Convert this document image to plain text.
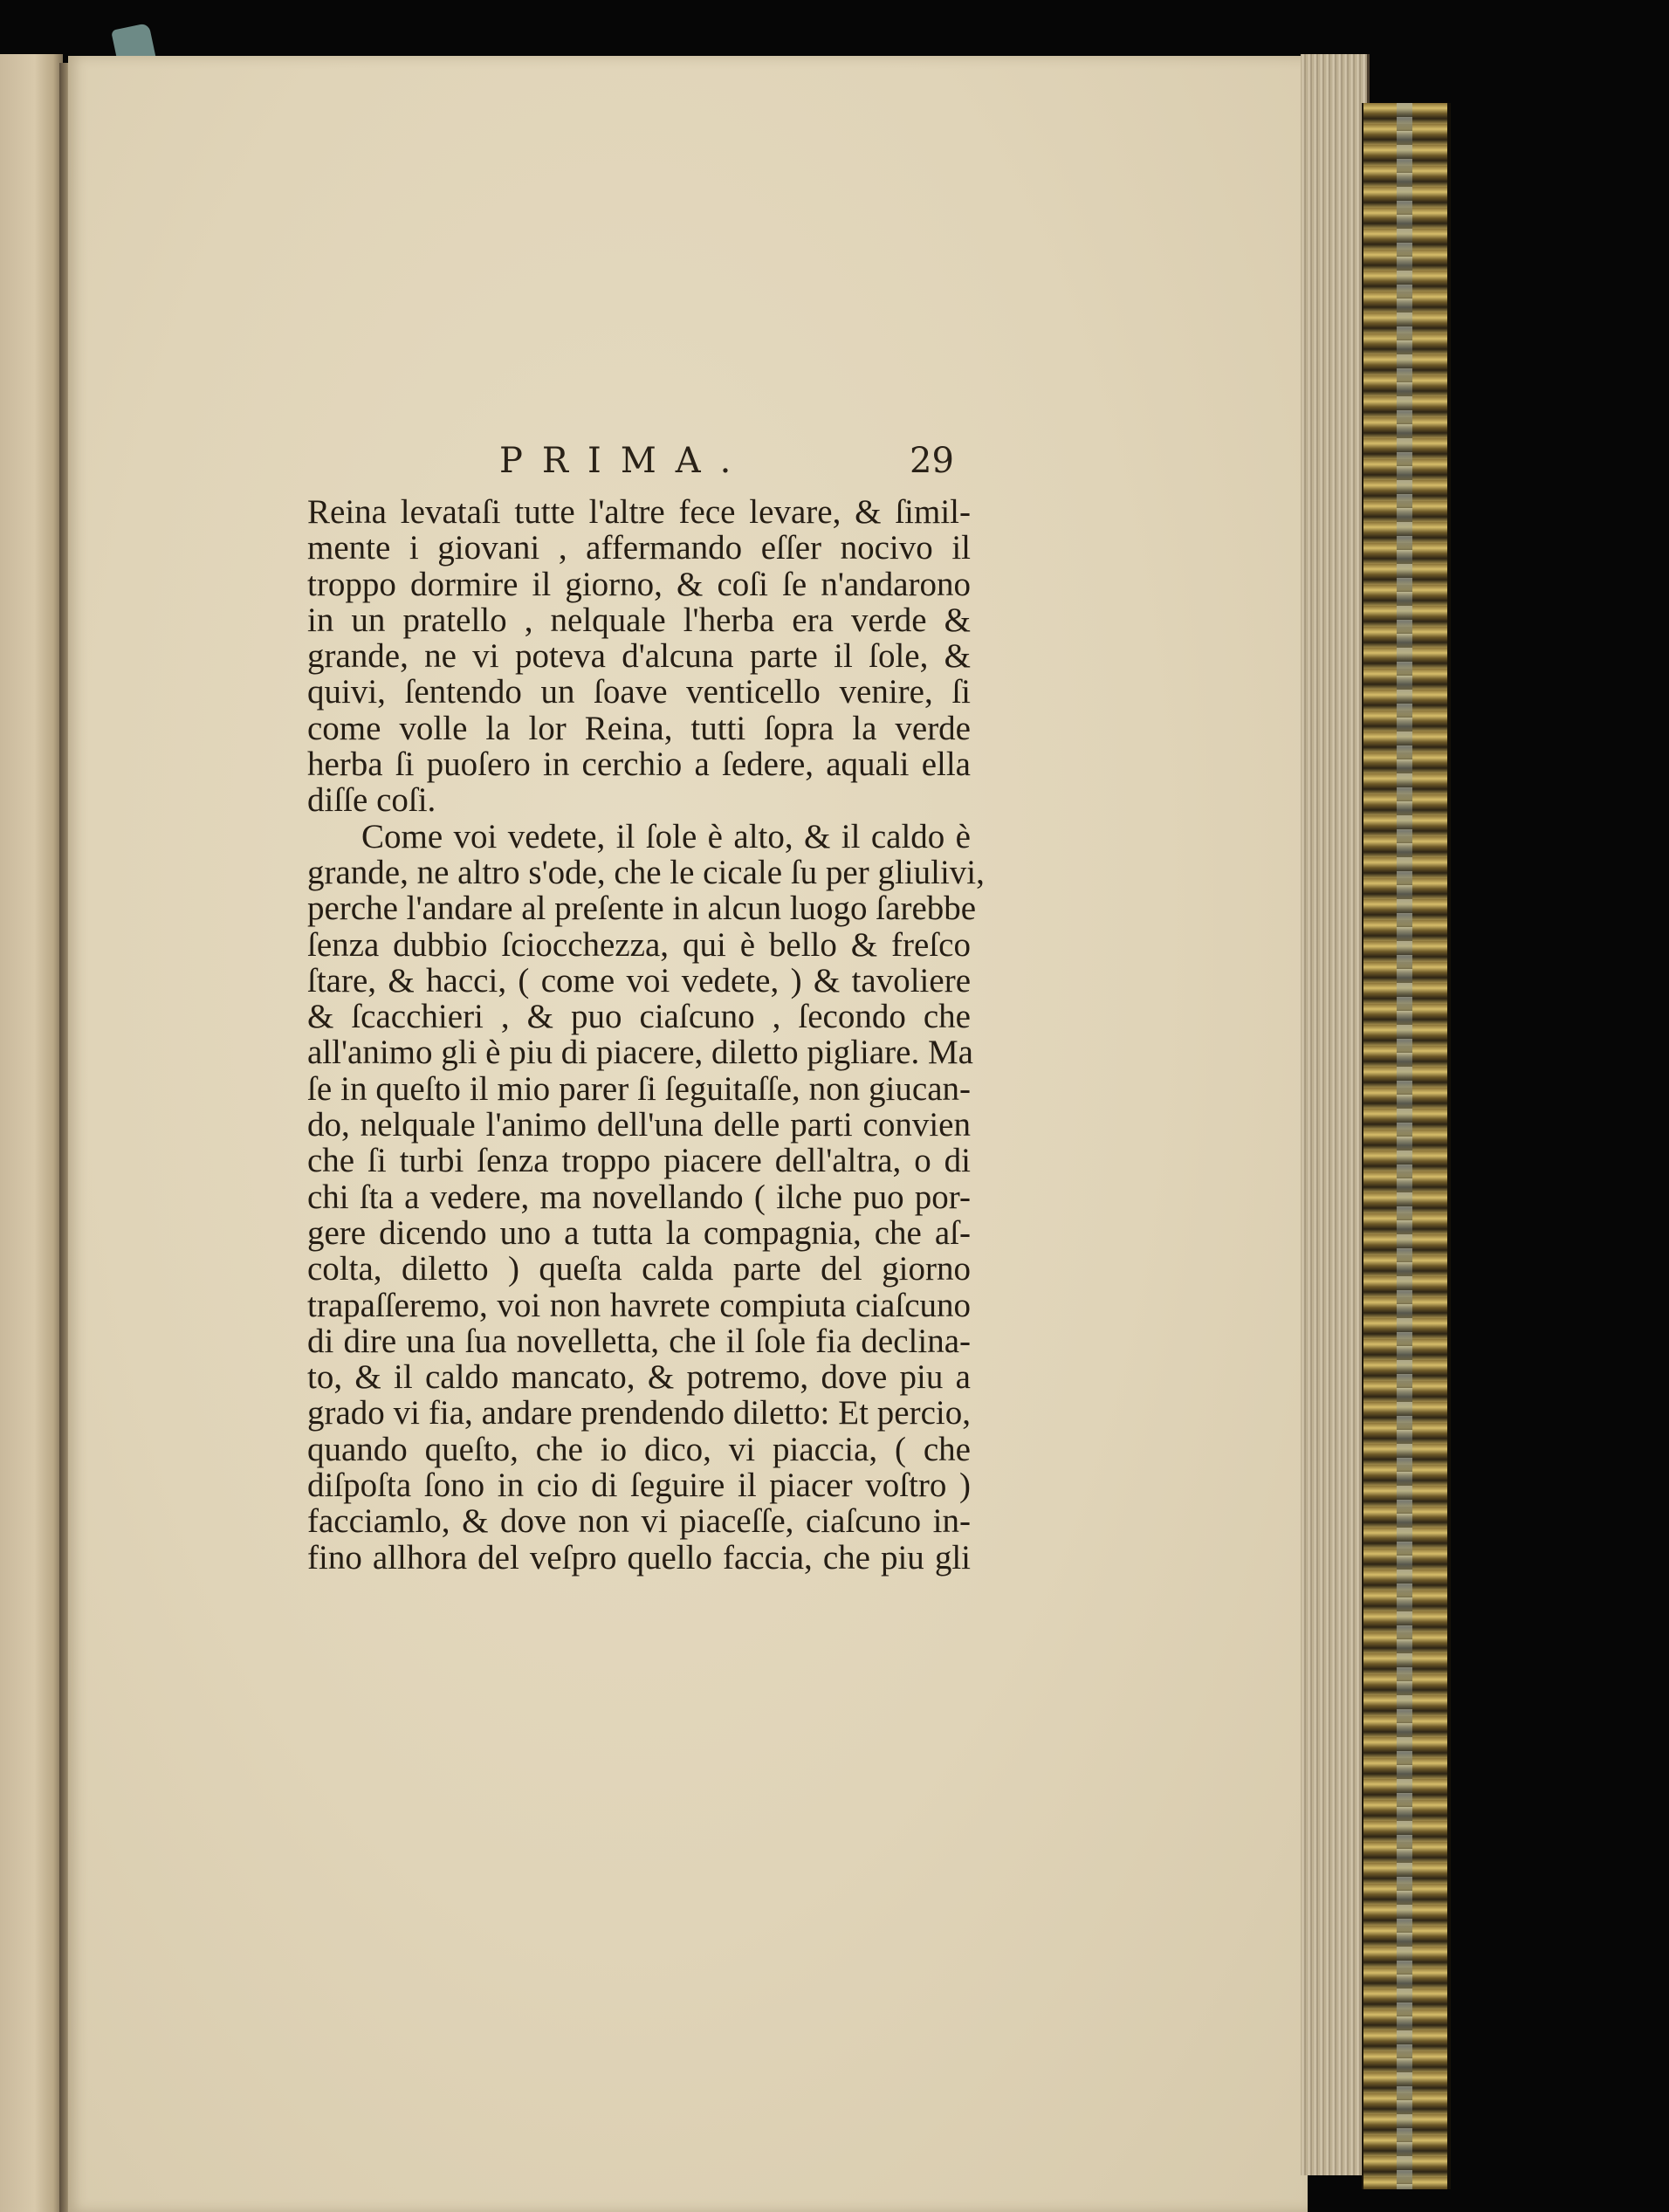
PRIMA.	29
Reina levataſi tutte l'altre fece levare, & ſimil-
mente i giovani , affermando eſſer nocivo il
troppo dormire il giorno, & coſi ſe n'andarono
in un pratello , nelquale l'herba era verde &
grande, ne vi poteva d'alcuna parte il ſole, &
quivi, ſentendo un ſoave venticello venire, ſi
come volle la lor Reina, tutti ſopra la verde
herba ſi puoſero in cerchio a ſedere, aquali ella
diſſe coſi.
Come voi vedete, il ſole è alto, & il caldo è
grande, ne altro s'ode, che le cicale ſu per gliulivi,
perche l'andare al preſente in alcun luogo ſarebbe
ſenza dubbio ſciocchezza, qui è bello & freſco
ſtare, & hacci, ( come voi vedete, ) & tavoliere
& ſcacchieri , & puo ciaſcuno , ſecondo che
all'animo gli è piu di piacere, diletto pigliare. Ma
ſe in queſto il mio parer ſi ſeguitaſſe, non giucan-
do, nelquale l'animo dell'una delle parti convien
che ſi turbi ſenza troppo piacere dell'altra, o di
chi ſta a vedere, ma novellando ( ilche puo por-
gere dicendo uno a tutta la compagnia, che aſ-
colta, diletto ) queſta calda parte del giorno
trapaſſeremo, voi non havrete compiuta ciaſcuno
di dire una ſua novelletta, che il ſole fia declina-
to, & il caldo mancato, & potremo, dove piu a
grado vi fia, andare prendendo diletto: Et percio,
quando queſto, che io dico, vi piaccia, ( che
diſpoſta ſono in cio di ſeguire il piacer voſtro )
facciamlo, & dove non vi piaceſſe, ciaſcuno in-
fino allhora del veſpro quello faccia, che piu gli
